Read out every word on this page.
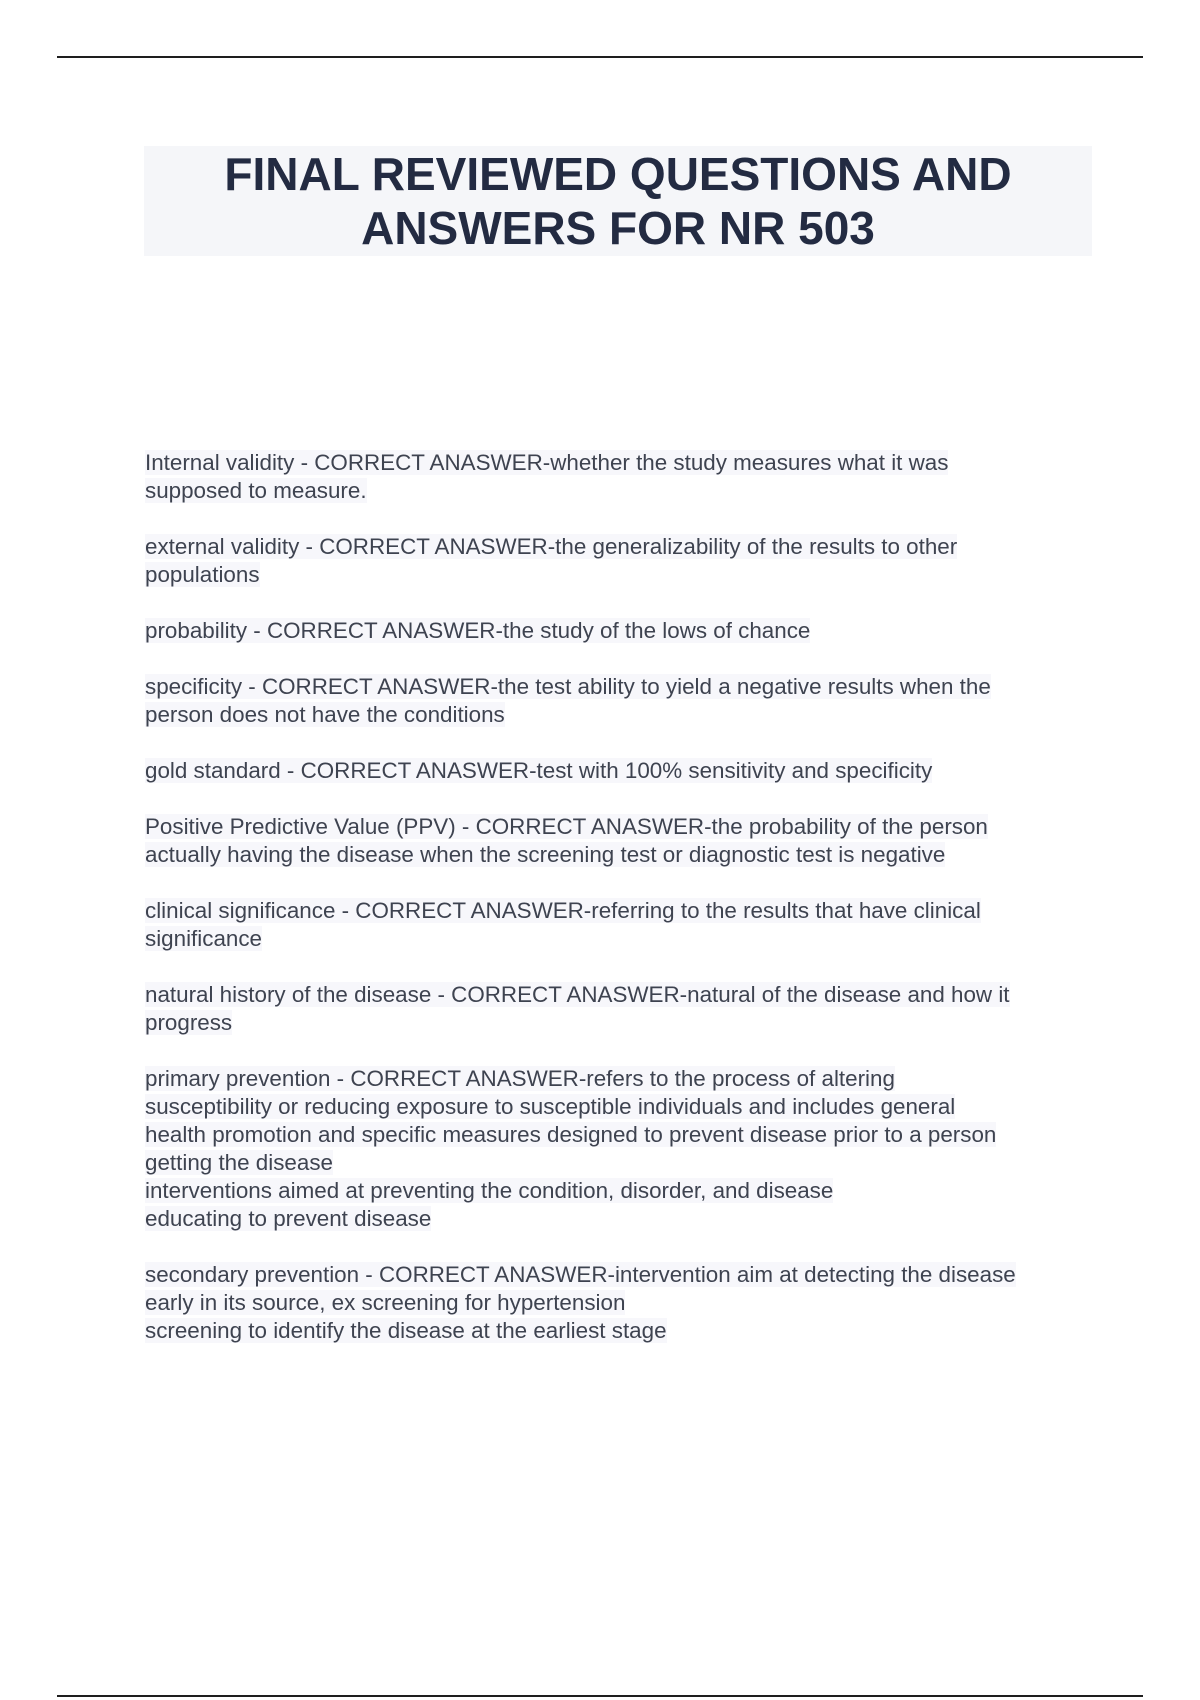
FINAL REVIEWED QUESTIONS AND
ANSWERS FOR NR 503

Internal validity - CORRECT ANASWER-whether the study measures what it was
supposed to measure.

external validity - CORRECT ANASWER-the generalizability of the results to other
populations

probability - CORRECT ANASWER-the study of the lows of chance

specificity - CORRECT ANASWER-the test ability to yield a negative results when the
person does not have the conditions

gold standard - CORRECT ANASWER-test with 100% sensitivity and specificity

Positive Predictive Value (PPV) - CORRECT ANASWER-the probability of the person
actually having the disease when the screening test or diagnostic test is negative

clinical significance - CORRECT ANASWER-referring to the results that have clinical
significance

natural history of the disease - CORRECT ANASWER-natural of the disease and how it
progress

primary prevention - CORRECT ANASWER-refers to the process of altering
susceptibility or reducing exposure to susceptible individuals and includes general
health promotion and specific measures designed to prevent disease prior to a person
getting the disease
interventions aimed at preventing the condition, disorder, and disease
educating to prevent disease

secondary prevention - CORRECT ANASWER-intervention aim at detecting the disease
early in its source, ex screening for hypertension
screening to identify the disease at the earliest stage
